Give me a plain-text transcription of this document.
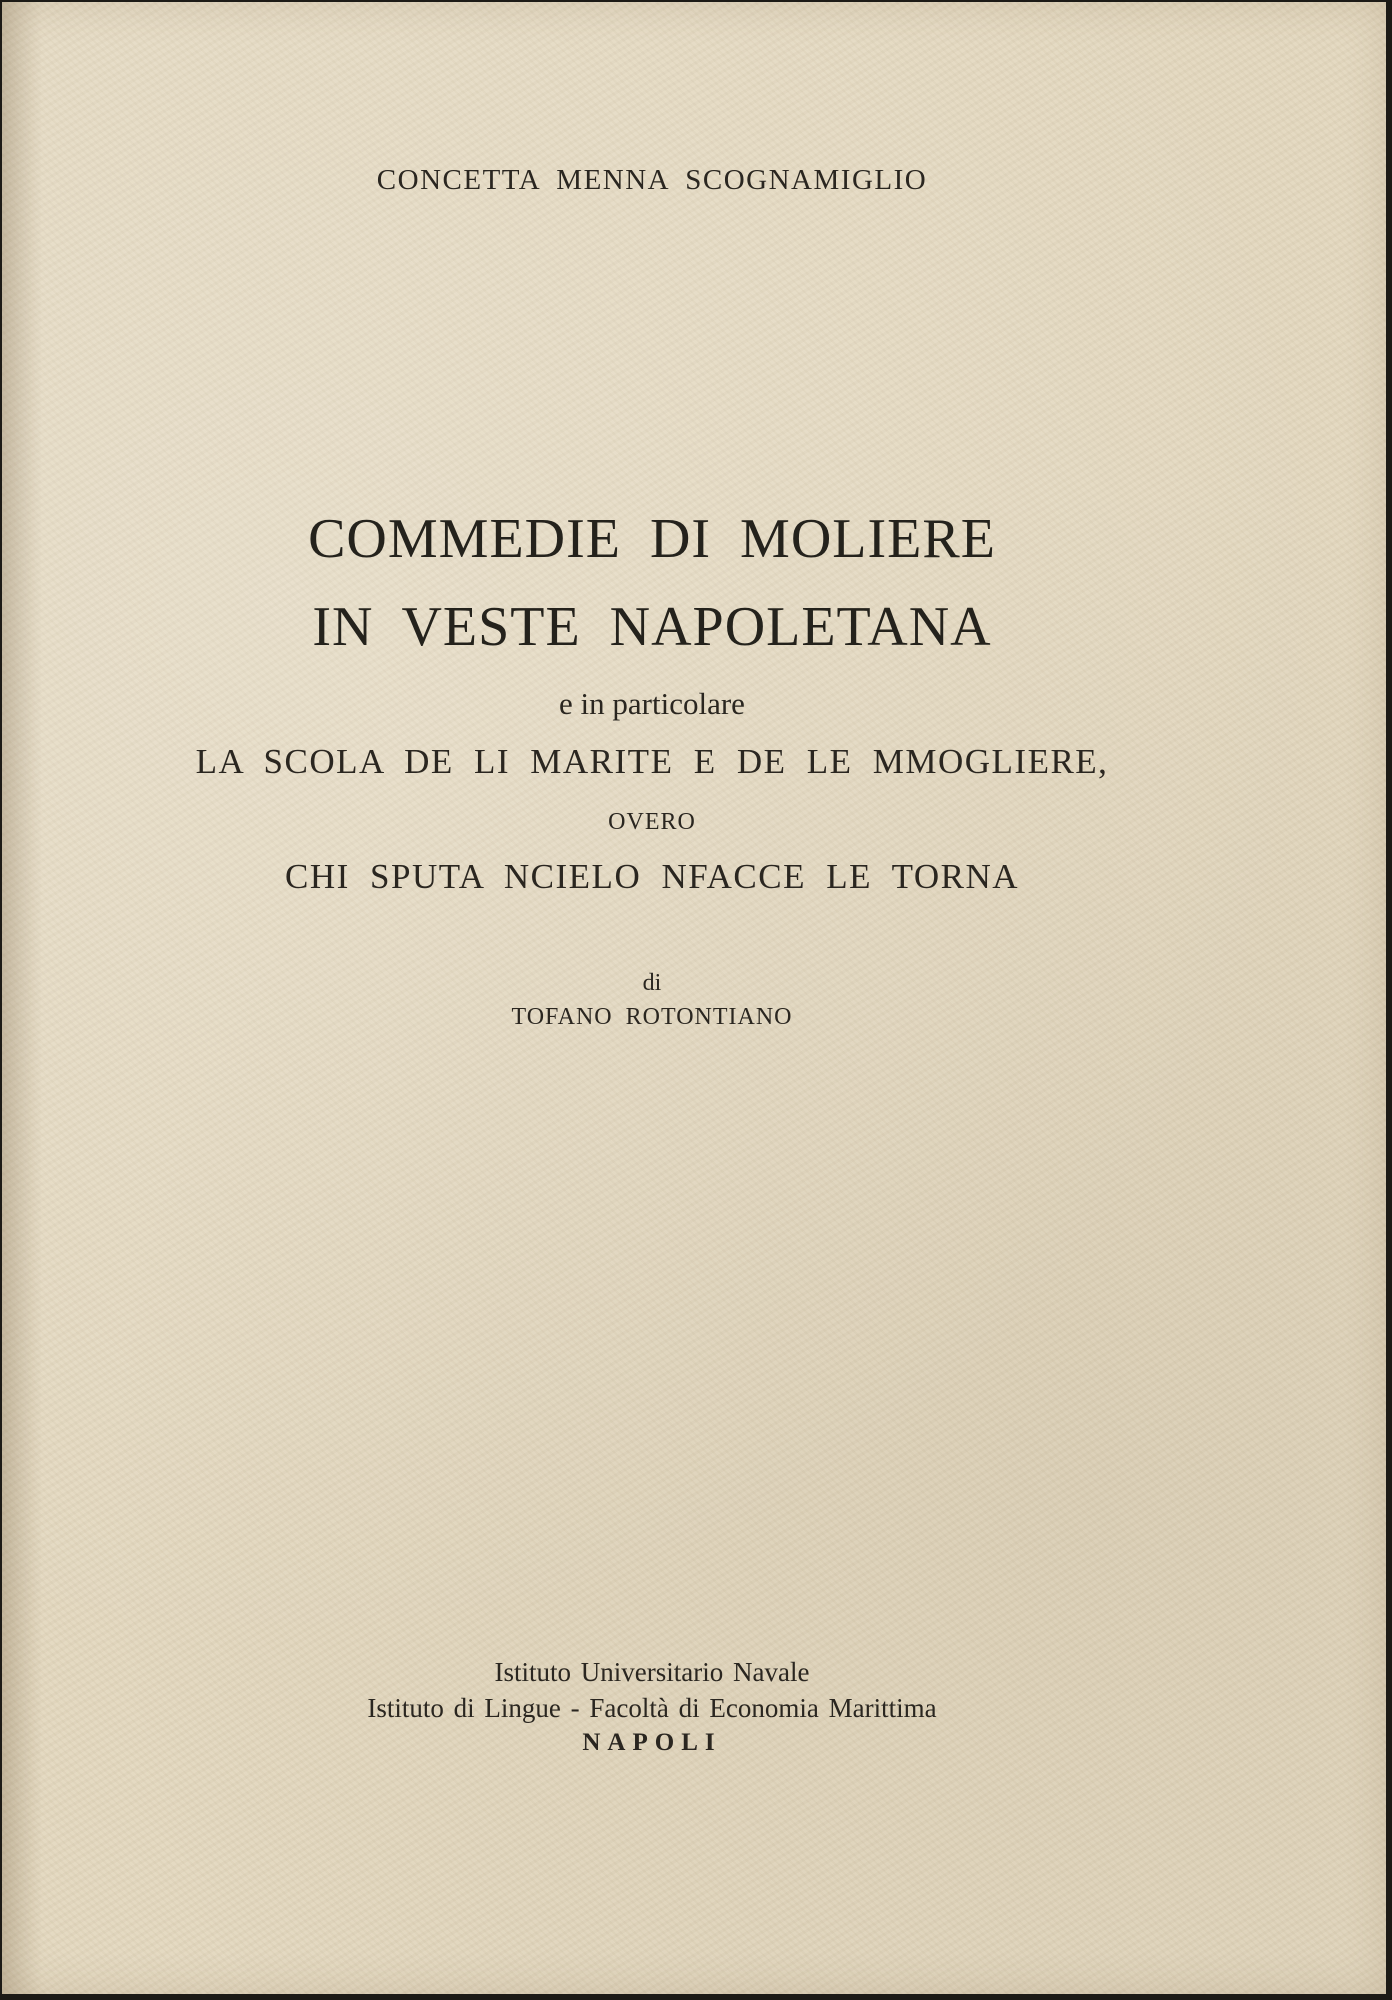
CONCETTA MENNA SCOGNAMIGLIO
COMMEDIE DI MOLIERE
IN VESTE NAPOLETANA
e in particolare
LA SCOLA DE LI MARITE E DE LE MMOGLIERE,
OVERO
CHI SPUTA NCIELO NFACCE LE TORNA
di
TOFANO ROTONTIANO
Istituto Universitario Navale
Istituto di Lingue - Facoltà di Economia Marittima
NAPOLI
